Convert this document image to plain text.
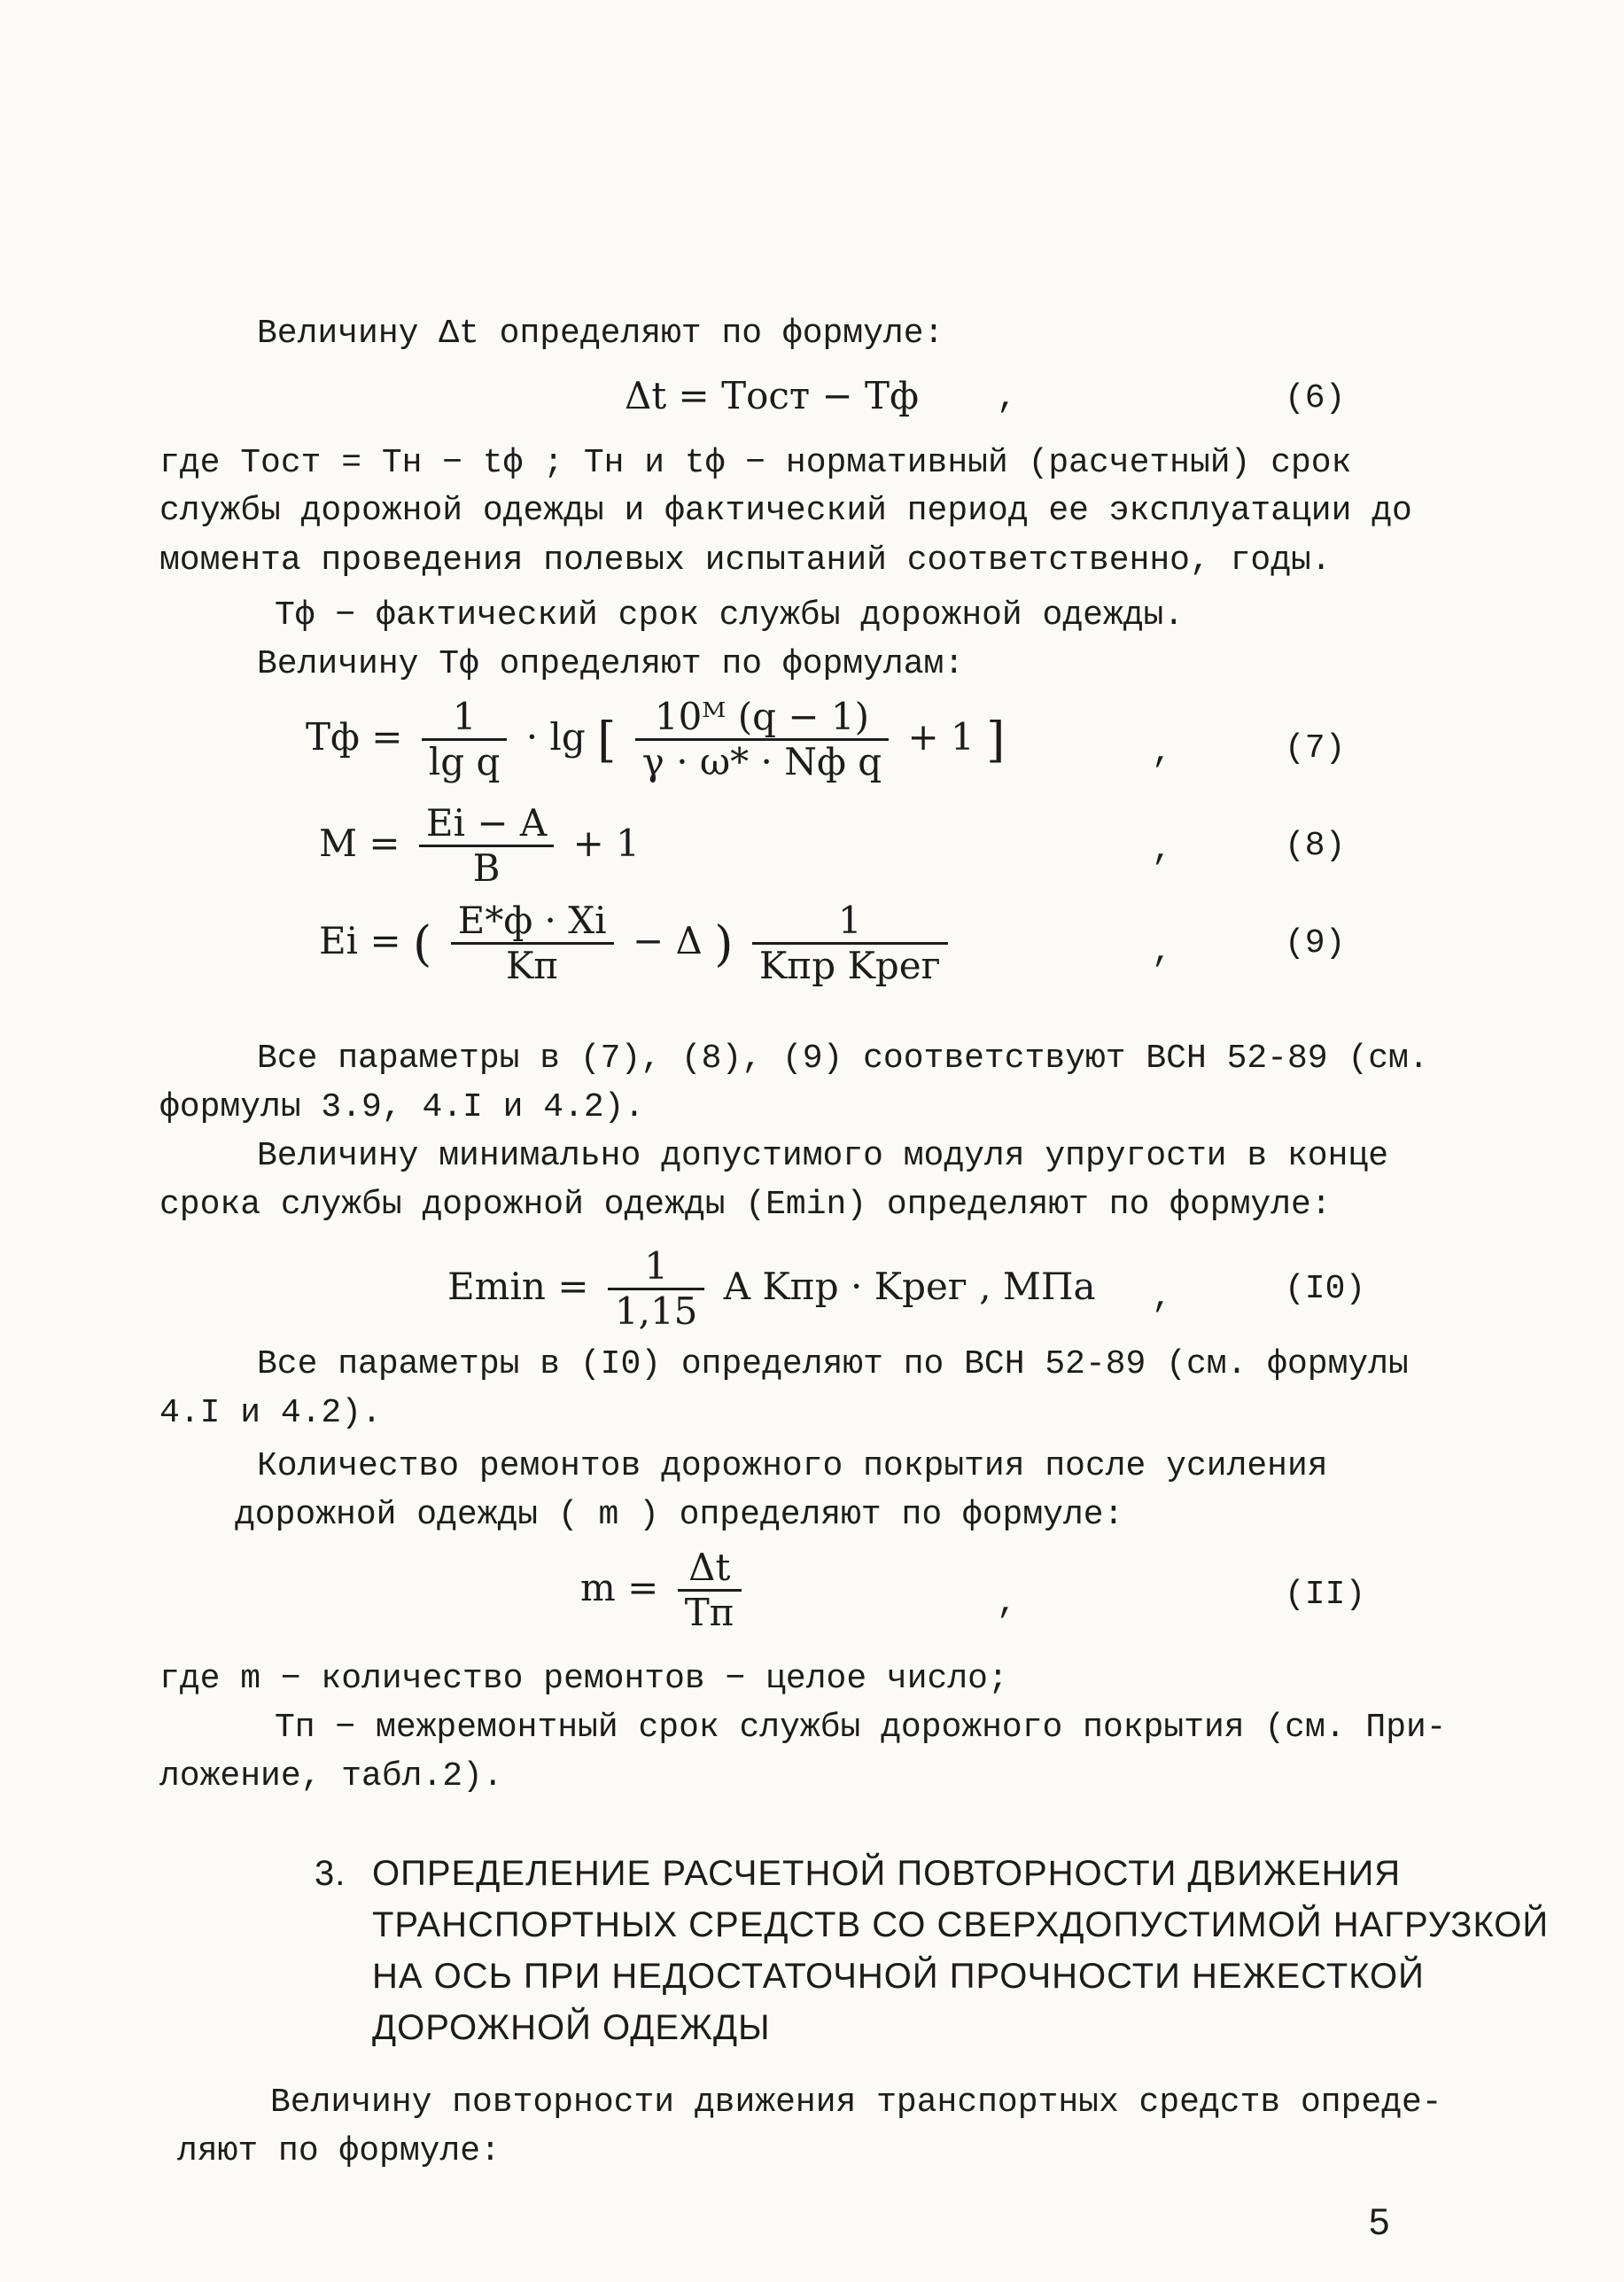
Величину Δt определяют по формуле:
Δt = Tост − Tф ,	(6)
где Tост = Tн − tф ; Tн и tф − нормативный (расчетный) срок
службы дорожной одежды и фактический период ее эксплуатации до
момента проведения полевых испытаний соответственно, годы.
Tф − фактический срок службы дорожной одежды.
Величину Tф определяют по формулам:
Tф = $\frac{1}{\text{lg q}} \cdot \lg$ [ $\frac{\text{10ᴹ (q − 1)}}{\text{γ · ω* · Nф q}} + 1$ ]	,	(7)
$M = \frac{Ei - A}{B} + 1$	,	(8)
Ei = ( $\frac{E*ф \cdot Xi}{Kп} - \Delta$ ) $\frac{1}{\text{Kпр Kрег}}$	,	(9)
Все параметры в (7), (8), (9) соответствуют ВСН 52-89 (см.
формулы 3.9, 4.I и 4.2).
Величину минимально допустимого модуля упругости в конце
срока службы дорожной одежды (Emin) определяют по формуле:
$Emin = \frac{1}{1,15}$ A Kпр · Kрег , МПа ,	(I0)
Все параметры в (I0) определяют по ВСН 52-89 (см. формулы
4.I и 4.2).
Количество ремонтов дорожного покрытия после усиления
дорожной одежды ( m ) определяют по формуле:
$m = \frac{\Delta t}{Tп}$	,	(II)
где m − количество ремонтов − целое число;
Tп − межремонтный срок службы дорожного покрытия (см. При-
ложение, табл.2).
3. ОПРЕДЕЛЕНИЕ РАСЧЕТНОЙ ПОВТОРНОСТИ ДВИЖЕНИЯ
ТРАНСПОРТНЫХ СРЕДСТВ СО СВЕРХДОПУСТИМОЙ НАГРУЗКОЙ
НА ОСЬ ПРИ НЕДОСТАТОЧНОЙ ПРОЧНОСТИ НЕЖЕСТКОЙ
ДОРОЖНОЙ ОДЕЖДЫ
Величину повторности движения транспортных средств опреде-
ляют по формуле:
5
